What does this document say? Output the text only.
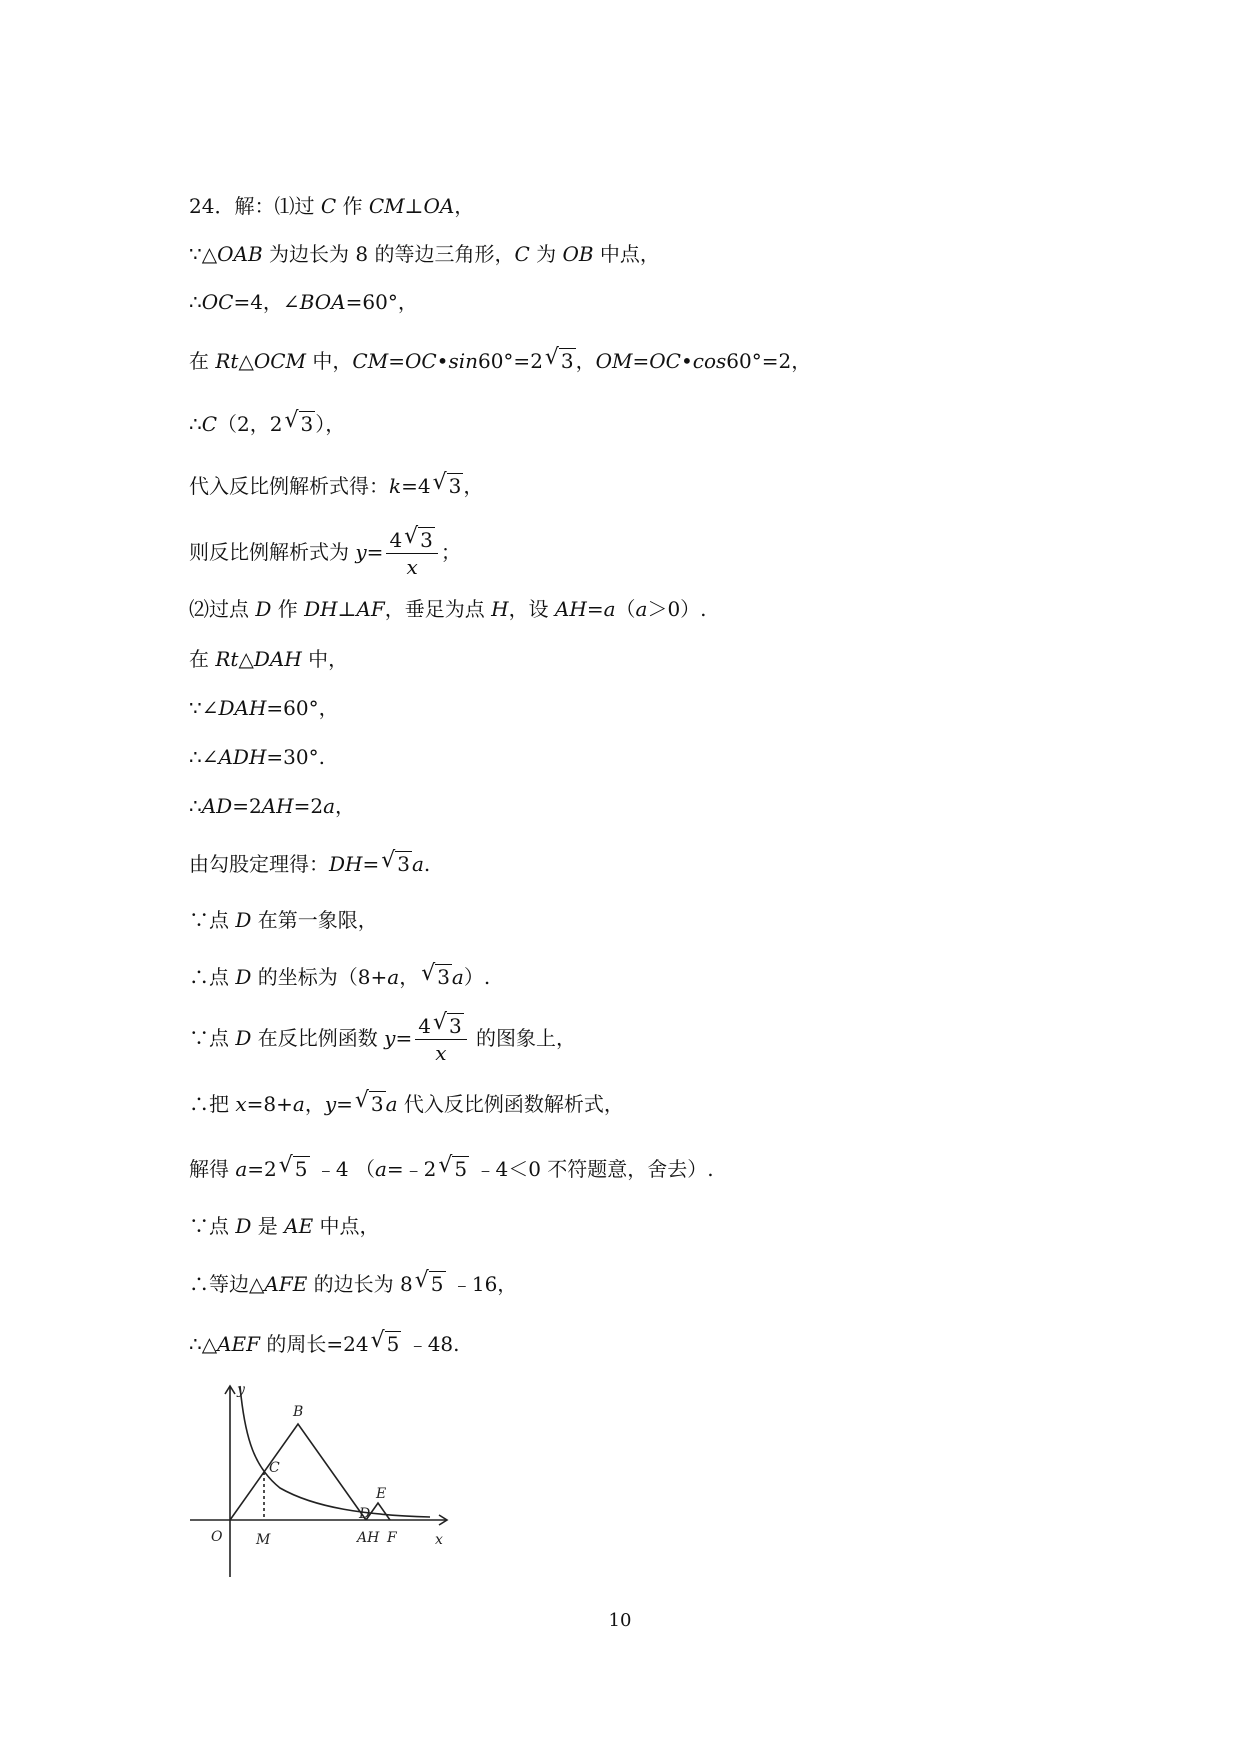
24．解：⑴过 C 作 CM⊥OA，
∵△OAB 为边长为 8 的等边三角形，C 为 OB 中点，
∴OC=4，∠BOA=60°，
在 Rt△OCM 中，CM=OC•sin60°=2 √ 3 ，OM=OC•cos60°=2，
∴C（2，2 √ 3 ），
代入反比例解析式得：k=4 √ 3 ，
则反比例解析式为 $y= \frac{4 √ 3}{x}$ ；
⑵过点 D 作 DH⊥AF，垂足为点 H，设 AH=a（a＞0）.
在 Rt△DAH 中，
∵∠DAH=60°，
∴∠ADH=30°.
∴AD=2AH=2a，
由勾股定理得：DH= √ 3 a.
∵点 D 在第一象限，
∴点 D 的坐标为（8+a， √ 3 a）.
∵点 D 在反比例函数 $y= \frac{4 √ 3}{x}$ 的图象上，
∴把 x=8+a，y= √ 3 a 代入反比例函数解析式，
解得 a=2 √ 5 ﹣4 （a=﹣2 √ 5 ﹣4＜0 不符题意，舍去）.
∵点 D 是 AE 中点，
∴等边△AFE 的边长为 8 √ 5 ﹣16，
∴△AEF 的周长=24 √ 5 ﹣48.
y
B
C
E
D
O M	AH F	x
10
